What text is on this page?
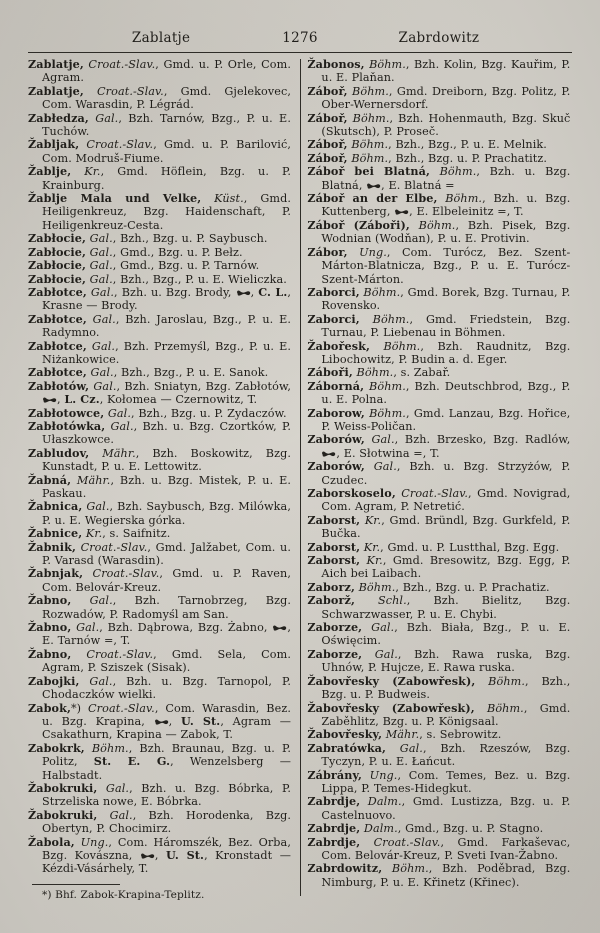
Zablatje	1276	Zabrdowitz
Zablatje, Croat.-Slav., Gmd. u. P. Orle, Com. Agram.
Zablatje, Croat.-Slav., Gmd. Gjelekovec, Com. Warasdin, P. Légrád.
Zabłedza, Gal., Bzh. Tarnów, Bzg., P. u. E. Tuchów.
Žabljak, Croat.-Slav., Gmd. u. P. Barilović, Com. Modruš-Fiume.
Žablje, Kr., Gmd. Höflein, Bzg. u. P. Krainburg.
Žablje Mala und Velke, Küst., Gmd. Heiligenkreuz, Bzg. Haidenschaft, P. Heiligenkreuz-Cesta.
Zabłocie, Gal., Bzh., Bzg. u. P. Saybusch.
Zabłocie, Gal., Gmd., Bzg. u. P. Bełz.
Zabłocie, Gal., Gmd., Bzg. u. P. Tarnów.
Zabłocie, Gal., Bzh., Bzg., P. u. E. Wieliczka.
Zabłotce, Gal., Bzh. u. Bzg. Brody, , C. L., Krasne — Brody.
Zabłotce, Gal., Bzh. Jaroslau, Bzg., P. u. E. Radymno.
Zabłotce, Gal., Bzh. Przemyśl, Bzg., P. u. E. Niżankowice.
Zabłotce, Gal., Bzh., Bzg., P. u. E. Sanok.
Zabłotów, Gal., Bzh. Sniatyn, Bzg. Zabłotów, , L. Cz., Kołomea — Czernowitz, T.
Zabłotowce, Gal., Bzh., Bzg. u. P. Zydaczów.
Zabłotówka, Gal., Bzh. u. Bzg. Czortków, P. Ułaszkowce.
Zabludov, Mähr., Bzh. Boskowitz, Bzg. Kunstadt, P. u. E. Lettowitz.
Žabná, Mähr., Bzh. u. Bzg. Mistek, P. u. E. Paskau.
Žabnica, Gal., Bzh. Saybusch, Bzg. Milówka, P. u. E. Wegierska górka.
Žabnice, Kr., s. Saifnitz.
Žabnik, Croat.-Slav., Gmd. Jalžabet, Com. u. P. Varasd (Warasdin).
Žabnjak, Croat.-Slav., Gmd. u. P. Raven, Com. Belovár-Kreuz.
Žabno, Gal., Bzh. Tarnobrzeg, Bzg. Rozwadów, P. Radomyśl am San.
Žabno, Gal., Bzh. Dąbrowa, Bzg. Żabno, , E. Tarnów =, T.
Žabno, Croat.-Slav., Gmd. Sela, Com. Agram, P. Sziszek (Sisak).
Zabojki, Gal., Bzh. u. Bzg. Tarnopol, P. Chodaczków wielki.
Zabok,*) Croat.-Slav., Com. Warasdin, Bez. u. Bzg. Krapina, , U. St., Agram — Csakathurn, Krapina — Zabok, T.
Zabokrk, Böhm., Bzh. Braunau, Bzg. u. P. Politz, St. E. G., Wenzelsberg — Halbstadt.
Žabokruki, Gal., Bzh. u. Bzg. Bóbrka, P. Strzeliska nowe, E. Bóbrka.
Žabokruki, Gal., Bzh. Horodenka, Bzg. Obertyn, P. Chocimirz.
Žabola, Ung., Com. Háromszék, Bez. Orba, Bzg. Kovászna, , U. St., Kronstadt — Kézdi-Vásárhely, T.
*) Bhf. Zabok-Krapina-Teplitz.
Žabonos, Böhm., Bzh. Kolin, Bzg. Kauřim, P. u. E. Plaňan.
Záboř, Böhm., Gmd. Dreiborn, Bzg. Politz, P. Ober-Wernersdorf.
Záboř, Böhm., Bzh. Hohenmauth, Bzg. Skuč (Skutsch), P. Proseč.
Záboř, Böhm., Bzh., Bzg., P. u. E. Melnik.
Záboř, Böhm., Bzh., Bzg. u. P. Prachatitz.
Záboř bei Blatná, Böhm., Bzh. u. Bzg. Blatná, , E. Blatná =
Záboř an der Elbe, Böhm., Bzh. u. Bzg. Kuttenberg, , E. Elbeleinitz =, T.
Záboř (Záboři), Böhm., Bzh. Pisek, Bzg. Wodnian (Wodňan), P. u. E. Protivin.
Zábor, Ung., Com. Turócz, Bez. Szent-Márton-Blatnicza, Bzg., P. u. E. Turócz-Szent-Márton.
Zaborci, Böhm., Gmd. Borek, Bzg. Turnau, P. Rovensko.
Zaborci, Böhm., Gmd. Friedstein, Bzg. Turnau, P. Liebenau in Böhmen.
Žabořesk, Böhm., Bzh. Raudnitz, Bzg. Libochowitz, P. Budin a. d. Eger.
Záboři, Böhm., s. Zabař.
Záborná, Böhm., Bzh. Deutschbrod, Bzg., P. u. E. Polna.
Zaborow, Böhm., Gmd. Lanzau, Bzg. Hořice, P. Weiss-Poličan.
Zaborów, Gal., Bzh. Brzesko, Bzg. Radlów, , E. Słotwina =, T.
Zaborów, Gal., Bzh. u. Bzg. Strzyżów, P. Czudec.
Zaborskoselo, Croat.-Slav., Gmd. Novigrad, Com. Agram, P. Netretić.
Zaborst, Kr., Gmd. Bründl, Bzg. Gurkfeld, P. Bučka.
Zaborst, Kr., Gmd. u. P. Lustthal, Bzg. Egg.
Zaborst, Kr., Gmd. Bresowitz, Bzg. Egg, P. Aich bei Laibach.
Zaborz, Böhm., Bzh., Bzg. u. P. Prachatiz.
Zaborž, Schl., Bzh. Bielitz, Bzg. Schwarzwasser, P. u. E. Chybi.
Zaborze, Gal., Bzh. Biała, Bzg., P. u. E. Oświęcim.
Zaborze, Gal., Bzh. Rawa ruska, Bzg. Uhnów, P. Hujcze, E. Rawa ruska.
Žabovřesky (Zabowřesk), Böhm., Bzh., Bzg. u. P. Budweis.
Žabovřesky (Zabowřesk), Böhm., Gmd. Zaběhlitz, Bzg. u. P. Königsaal.
Žabovřesky, Mähr., s. Sebrowitz.
Zabratówka, Gal., Bzh. Rzeszów, Bzg. Tyczyn, P. u. E. Łańcut.
Zábrány, Ung., Com. Temes, Bez. u. Bzg. Lippa, P. Temes-Hidegkut.
Zabrdje, Dalm., Gmd. Lustizza, Bzg. u. P. Castelnuovo.
Zabrdje, Dalm., Gmd., Bzg. u. P. Stagno.
Zabrdje, Croat.-Slav., Gmd. Farkaševac, Com. Belovár-Kreuz, P. Sveti Ivan-Žabno.
Zabrdowitz, Böhm., Bzh. Poděbrad, Bzg. Nimburg, P. u. E. Křinetz (Křinec).
